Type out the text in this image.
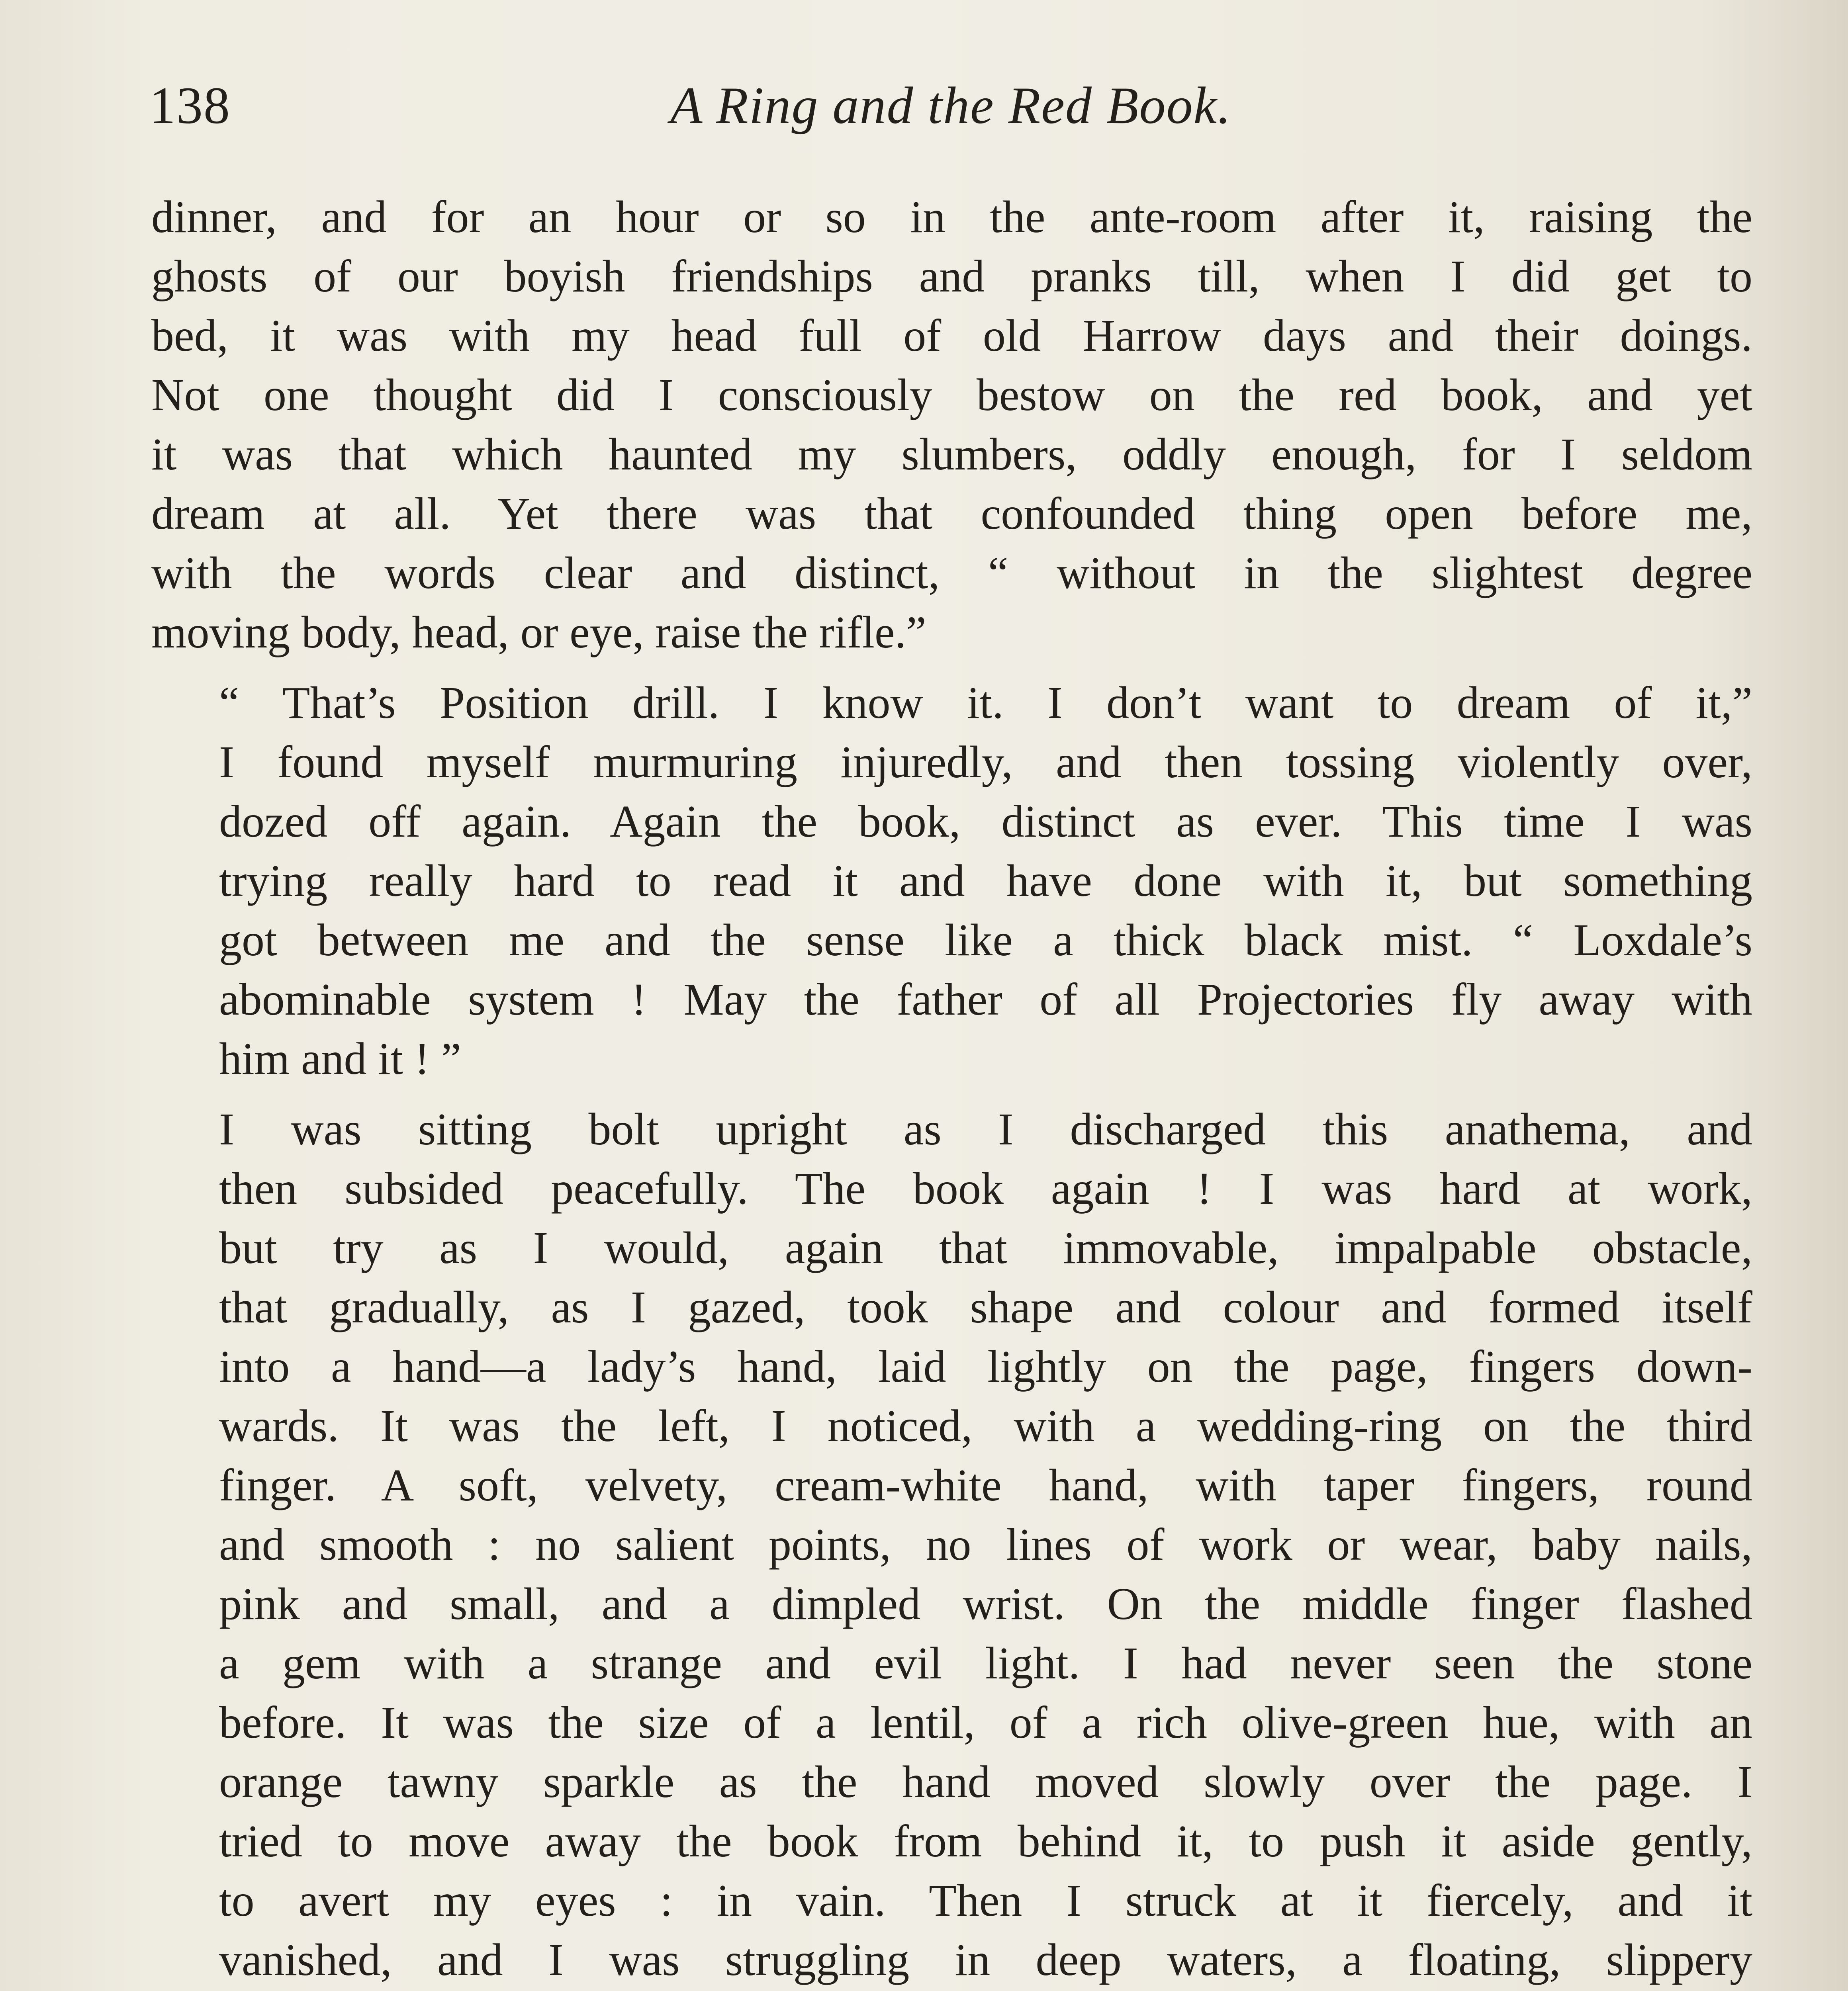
138	A Ring and the Red Book.

dinner, and for an hour or so in the ante-room after it, raising the
ghosts of our boyish friendships and pranks till, when I did get to
bed, it was with my head full of old Harrow days and their doings.
Not one thought did I consciously bestow on the red book, and yet
it was that which haunted my slumbers, oddly enough, for I seldom
dream at all. Yet there was that confounded thing open before me,
with the words clear and distinct, “ without in the slightest degree
moving body, head, or eye, raise the rifle.”

“ That’s Position drill. I know it. I don’t want to dream of it,”
I found myself murmuring injuredly, and then tossing violently over,
dozed off again. Again the book, distinct as ever. This time I was
trying really hard to read it and have done with it, but something
got between me and the sense like a thick black mist. “ Loxdale’s
abominable system ! May the father of all Projectories fly away with
him and it ! ”

I was sitting bolt upright as I discharged this anathema, and
then subsided peacefully. The book again ! I was hard at work,
but try as I would, again that immovable, impalpable obstacle,
that gradually, as I gazed, took shape and colour and formed itself
into a hand—a lady’s hand, laid lightly on the page, fingers down-
wards. It was the left, I noticed, with a wedding-ring on the third
finger. A soft, velvety, cream-white hand, with taper fingers, round
and smooth : no salient points, no lines of work or wear, baby nails,
pink and small, and a dimpled wrist. On the middle finger flashed
a gem with a strange and evil light. I had never seen the stone
before. It was the size of a lentil, of a rich olive-green hue, with an
orange tawny sparkle as the hand moved slowly over the page. I
tried to move away the book from behind it, to push it aside gently,
to avert my eyes : in vain. Then I struck at it fiercely, and it
vanished, and I was struggling in deep waters, a floating, slippery
